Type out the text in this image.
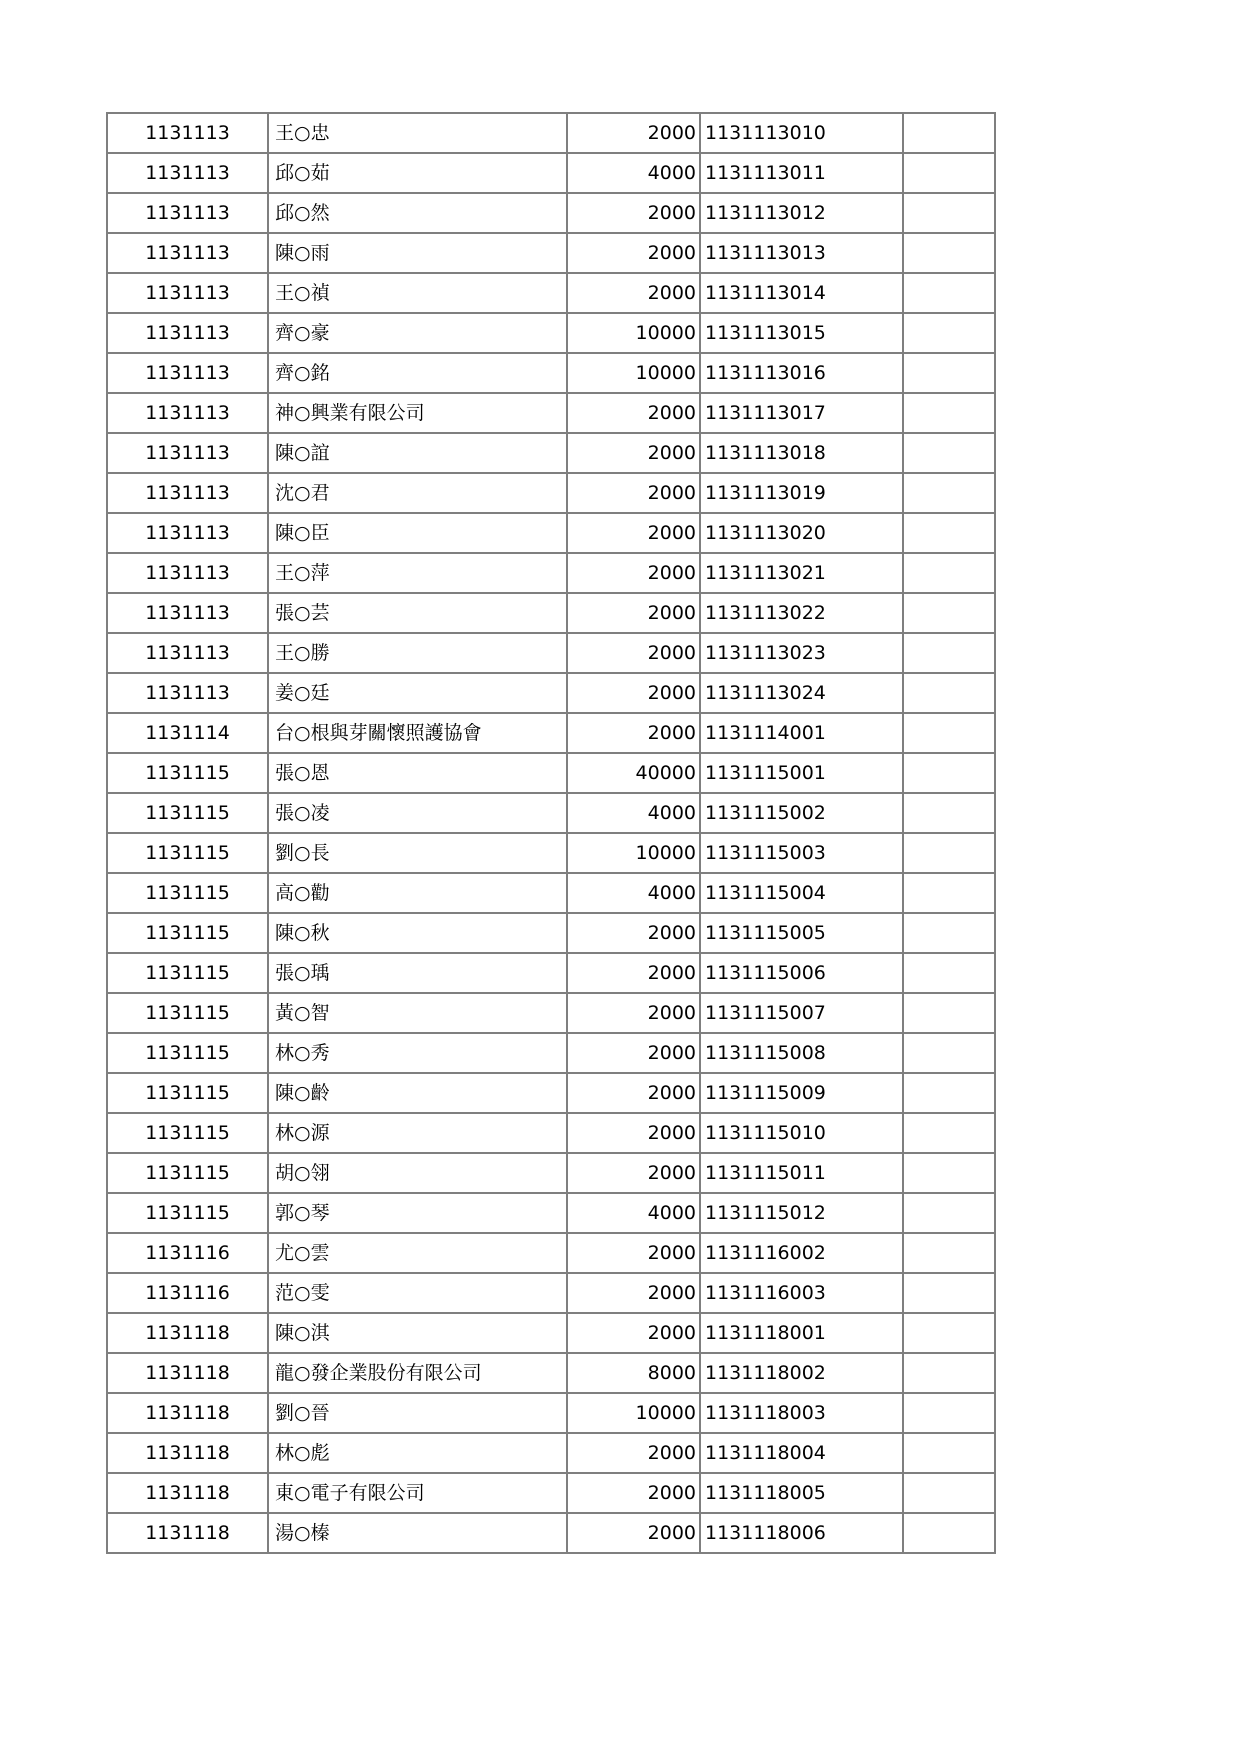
1131113	王○忠	2000	1131113010	
1131113	邱○茹	4000	1131113011	
1131113	邱○然	2000	1131113012	
1131113	陳○雨	2000	1131113013	
1131113	王○禎	2000	1131113014	
1131113	齊○豪	10000	1131113015	
1131113	齊○銘	10000	1131113016	
1131113	神○興業有限公司	2000	1131113017	
1131113	陳○誼	2000	1131113018	
1131113	沈○君	2000	1131113019	
1131113	陳○臣	2000	1131113020	
1131113	王○萍	2000	1131113021	
1131113	張○芸	2000	1131113022	
1131113	王○勝	2000	1131113023	
1131113	姜○廷	2000	1131113024	
1131114	台○根與芽關懷照護協會	2000	1131114001	
1131115	張○恩	40000	1131115001	
1131115	張○凌	4000	1131115002	
1131115	劉○長	10000	1131115003	
1131115	高○勸	4000	1131115004	
1131115	陳○秋	2000	1131115005	
1131115	張○瑀	2000	1131115006	
1131115	黃○智	2000	1131115007	
1131115	林○秀	2000	1131115008	
1131115	陳○齡	2000	1131115009	
1131115	林○源	2000	1131115010	
1131115	胡○翎	2000	1131115011	
1131115	郭○琴	4000	1131115012	
1131116	尤○雲	2000	1131116002	
1131116	范○雯	2000	1131116003	
1131118	陳○淇	2000	1131118001	
1131118	龍○發企業股份有限公司	8000	1131118002	
1131118	劉○晉	10000	1131118003	
1131118	林○彪	2000	1131118004	
1131118	東○電子有限公司	2000	1131118005	
1131118	湯○榛	2000	1131118006	
